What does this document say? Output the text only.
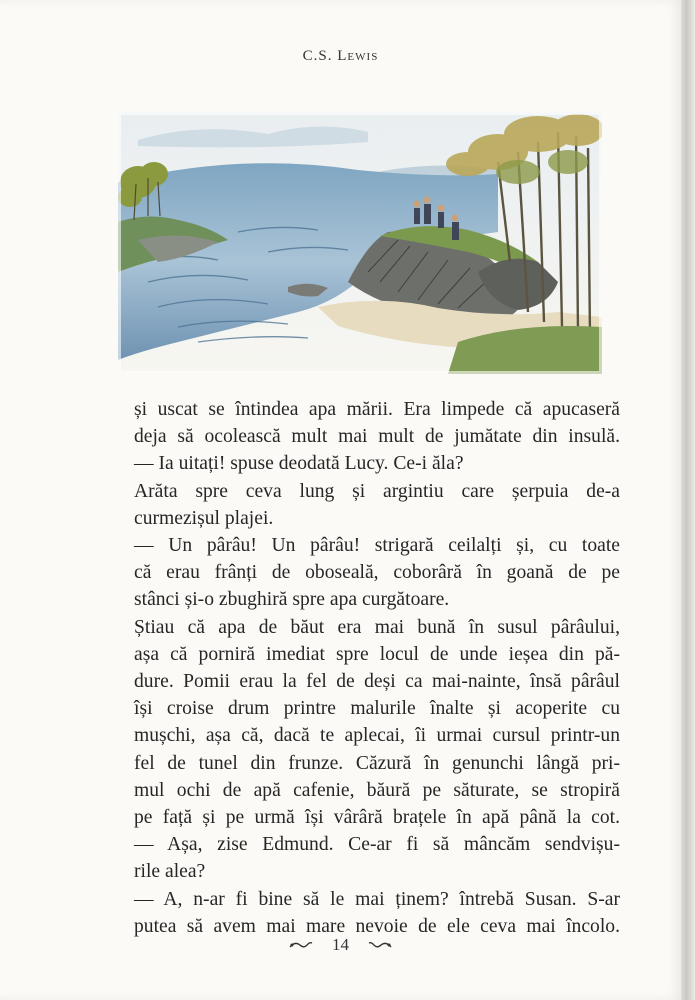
C.S. Lewis
și uscat se întindea apa mării. Era limpede că apucaseră
deja să ocolească mult mai mult de jumătate din insulă.
— Ia uitați! spuse deodată Lucy. Ce-i ăla?
Arăta spre ceva lung și argintiu care șerpuia de-a
curmezișul plajei.
— Un pârâu! Un pârâu! strigară ceilalți și, cu toate
că erau frânți de oboseală, coborâră în goană de pe
stânci și-o zbughiră spre apa curgătoare.
Știau că apa de băut era mai bună în susul pârâului,
așa că porniră imediat spre locul de unde ieșea din pă-
dure. Pomii erau la fel de deși ca mai-nainte, însă pârâul
își croise drum printre malurile înalte și acoperite cu
mușchi, așa că, dacă te aplecai, îi urmai cursul printr-un
fel de tunel din frunze. Căzură în genunchi lângă pri-
mul ochi de apă cafenie, băură pe săturate, se stropiră
pe față și pe urmă își vârâră brațele în apă până la cot.
— Așa, zise Edmund. Ce-ar fi să mâncăm sendvișu-
rile alea?
— A, n-ar fi bine să le mai ținem? întrebă Susan. S-ar
putea să avem mai mare nevoie de ele ceva mai încolo.
14
